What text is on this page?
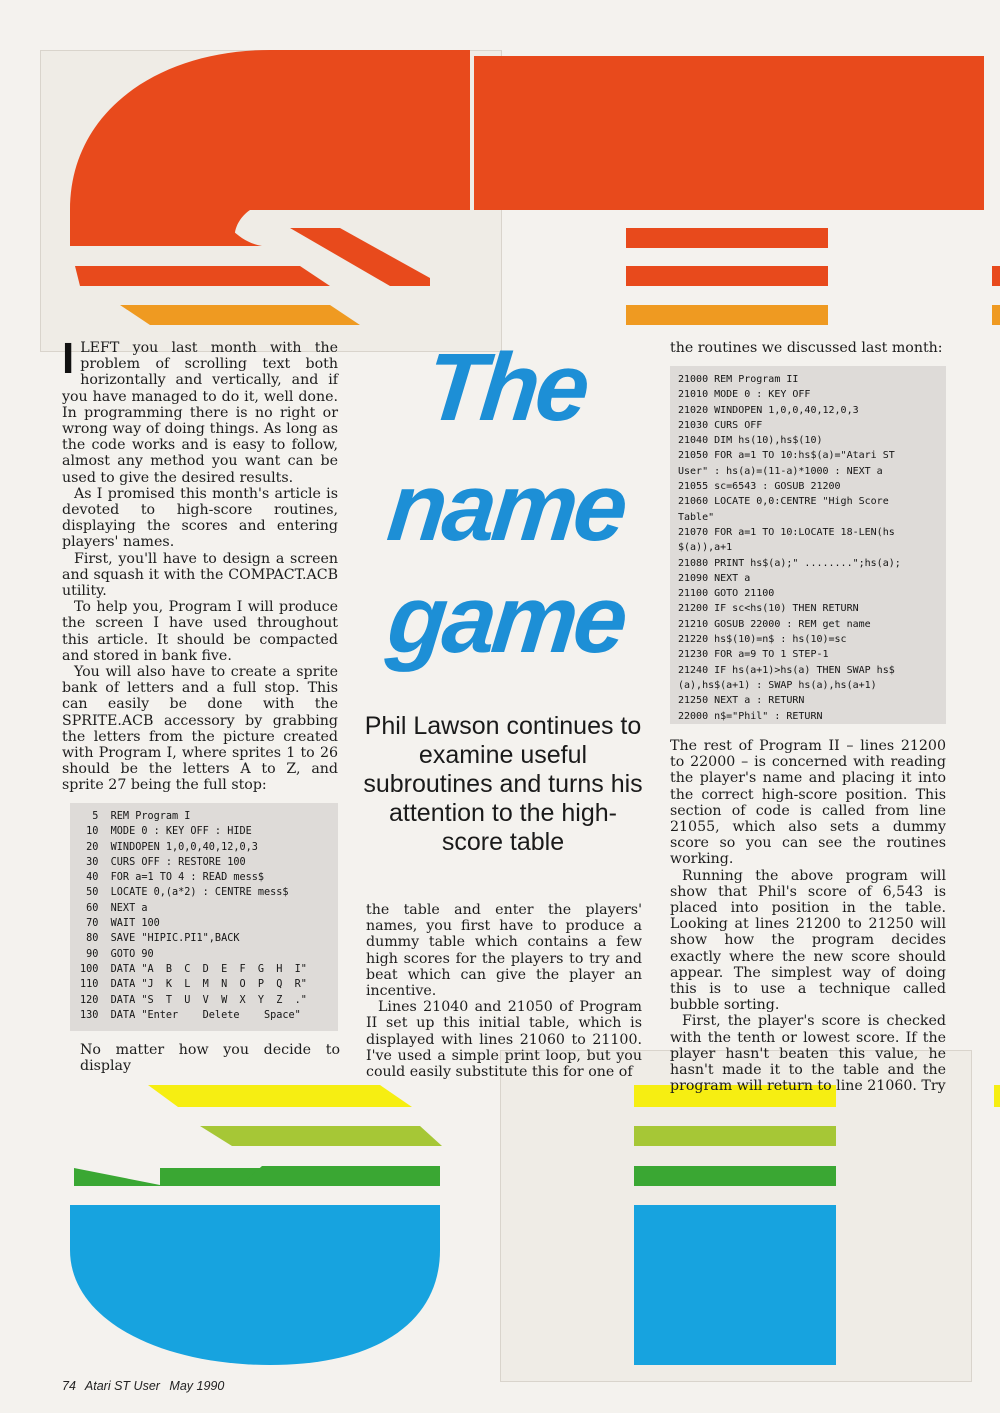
The
name
game
Phil Lawson continues to examine useful subroutines and turns his attention to the high-score table

ILEFT you last month with the problem of scrolling text both horizontally and vertically, and if you have managed to do it, well done. In programming there is no right or wrong way of doing things. As long as the code works and is easy to follow, almost any method you want can be used to give the desired results.

As I promised this month's article is devoted to high-score routines, displaying the scores and entering players' names.

First, you'll have to design a screen and squash it with the COMPACT.ACB utility.

To help you, Program I will produce the screen I have used throughout this article. It should be compacted and stored in bank five.

You will also have to create a sprite bank of letters and a full stop. This can easily be done with the SPRITE.ACB accessory by grabbing the letters from the picture created with Program I, where sprites 1 to 26 should be the letters A to Z, and sprite 27 being the full stop:

5  REM Program I
10  MODE 0 : KEY OFF : HIDE
20  WINDOPEN 1,0,0,40,12,0,3
30  CURS OFF : RESTORE 100
40  FOR a=1 TO 4 : READ mess$
50  LOCATE 0,(a*2) : CENTRE mess$
60  NEXT a
70  WAIT 100
80  SAVE "HIPIC.PI1",BACK
90  GOTO 90
100  DATA "A  B  C  D  E  F  G  H  I"
110  DATA "J  K  L  M  N  O  P  Q  R"
120  DATA "S  T  U  V  W  X  Y  Z  ."
130  DATA "Enter    Delete    Space"

No matter how you decide to display

the table and enter the players' names, you first have to produce a dummy table which contains a few high scores for the players to try and beat which can give the player an incentive.

Lines 21040 and 21050 of Program II set up this initial table, which is displayed with lines 21060 to 21100. I've used a simple print loop, but you could easily substitute this for one of

the routines we discussed last month:

21000 REM Program II
21010 MODE 0 : KEY OFF
21020 WINDOPEN 1,0,0,40,12,0,3
21030 CURS OFF
21040 DIM hs(10),hs$(10)
21050 FOR a=1 TO 10:hs$(a)="Atari ST
User" : hs(a)=(11-a)*1000 : NEXT a
21055 sc=6543 : GOSUB 21200
21060 LOCATE 0,0:CENTRE "High Score
Table"
21070 FOR a=1 TO 10:LOCATE 18-LEN(hs
$(a)),a+1
21080 PRINT hs$(a);" ........";hs(a);
21090 NEXT a
21100 GOTO 21100
21200 IF sc<hs(10) THEN RETURN
21210 GOSUB 22000 : REM get name
21220 hs$(10)=n$ : hs(10)=sc
21230 FOR a=9 TO 1 STEP-1
21240 IF hs(a+1)>hs(a) THEN SWAP hs$
(a),hs$(a+1) : SWAP hs(a),hs(a+1)
21250 NEXT a : RETURN
22000 n$="Phil" : RETURN

The rest of Program II – lines 21200 to 22000 – is concerned with reading the player's name and placing it into the correct high-score position. This section of code is called from line 21055, which also sets a dummy score so you can see the routines working.

Running the above program will show that Phil's score of 6,543 is placed into position in the table. Looking at lines 21200 to 21250 will show how the program decides exactly where the new score should appear. The simplest way of doing this is to use a technique called bubble sorting.

First, the player's score is checked with the tenth or lowest score. If the player hasn't beaten this value, he hasn't made it to the table and the program will return to line 21060. Try

74 Atari ST User May 1990
